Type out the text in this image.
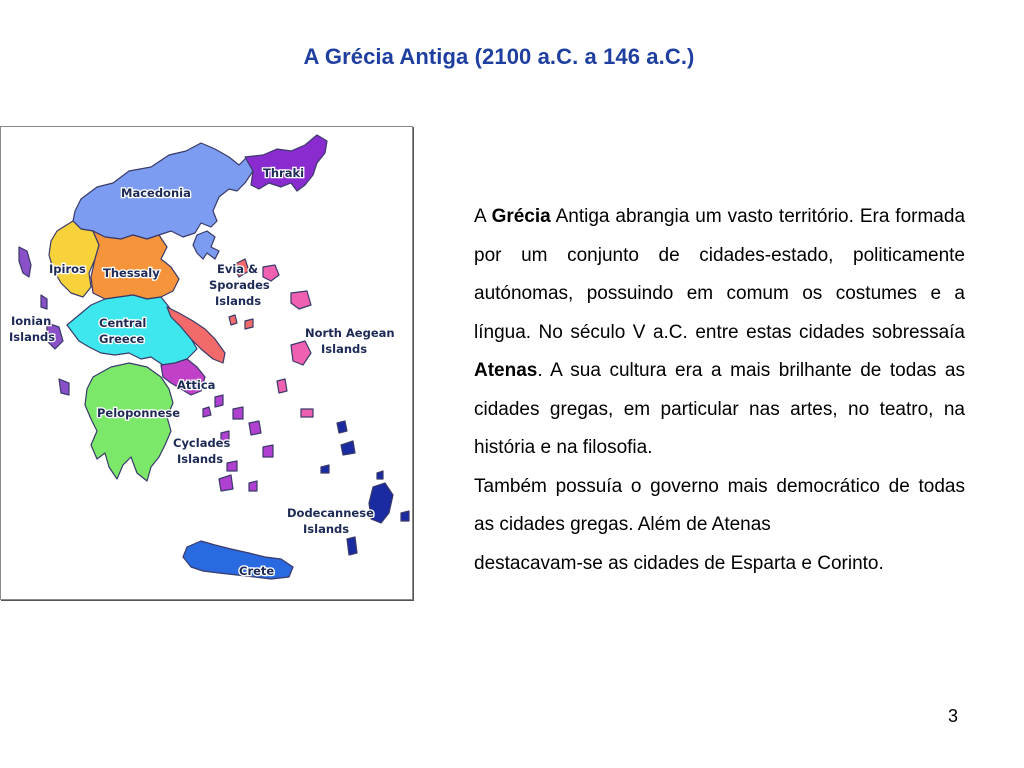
A Grécia Antiga (2100 a.C. a 146 a.C.)
Thraki
Macedonia
Ipiros Thessaly	Evia &
Sporades
Islands
Ionian
Islands
Central
Greece	North Aegean
Islands
Attica
Peloponnese
Cyclades
Islands
Dodecannese
Islands
Crete

A Grécia Antiga abrangia um vasto território. Era formada por um conjunto de cidades-estado, politicamente autónomas, possuindo em comum os costumes e a língua. No século V a.C. entre estas cidades sobressaía Atenas. A sua cultura era a mais brilhante de todas as cidades gregas, em particular nas artes, no teatro, na história e na filosofia.

Também possuía o governo mais democrático de todas as cidades gregas. Além de Atenas
destacavam-se as cidades de Esparta e Corinto.

3
